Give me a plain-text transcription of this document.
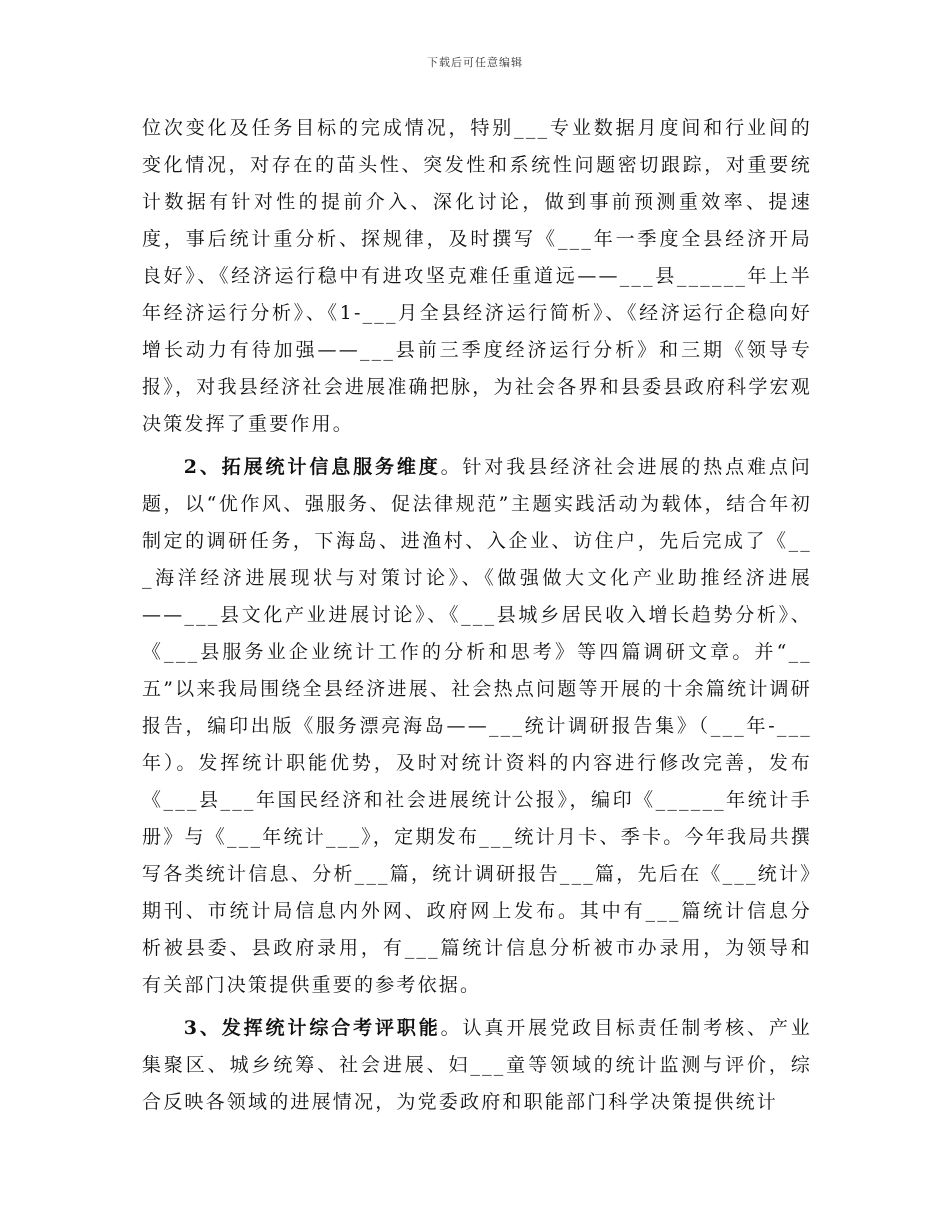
下载后可任意编辑

位次变化及任务目标的完成情况，特别___专业数据月度间和行业间的变化情况，对存在的苗头性、突发性和系统性问题密切跟踪，对重要统计数据有针对性的提前介入、深化讨论，做到事前预测重效率、提速度，事后统计重分析、探规律，及时撰写《___年一季度全县经济开局良好》、《经济运行稳中有进攻坚克难任重道远——___县______年上半年经济运行分析》、《1-___月全县经济运行简析》、《经济运行企稳向好增长动力有待加强——___县前三季度经济运行分析》和三期《领导专报》，对我县经济社会进展准确把脉，为社会各界和县委县政府科学宏观决策发挥了重要作用。

2、拓展统计信息服务维度。针对我县经济社会进展的热点难点问题，以“优作风、强服务、促法律规范”主题实践活动为载体，结合年初制定的调研任务，下海岛、进渔村、入企业、访住户，先后完成了《___海洋经济进展现状与对策讨论》、《做强做大文化产业助推经济进展——___县文化产业进展讨论》、《___县城乡居民收入增长趋势分析》、《___县服务业企业统计工作的分析和思考》等四篇调研文章。并“__五”以来我局围绕全县经济进展、社会热点问题等开展的十余篇统计调研报告，编印出版《服务漂亮海岛——___统计调研报告集》（___年-___年）。发挥统计职能优势，及时对统计资料的内容进行修改完善，发布《___县___年国民经济和社会进展统计公报》，编印《______年统计手册》与《___年统计___》，定期发布___统计月卡、季卡。今年我局共撰写各类统计信息、分析___篇，统计调研报告___篇，先后在《___统计》期刊、市统计局信息内外网、政府网上发布。其中有___篇统计信息分析被县委、县政府录用，有___篇统计信息分析被市办录用，为领导和有关部门决策提供重要的参考依据。

3、发挥统计综合考评职能。认真开展党政目标责任制考核、产业集聚区、城乡统筹、社会进展、妇___童等领域的统计监测与评价，综合反映各领域的进展情况，为党委政府和职能部门科学决策提供统计
